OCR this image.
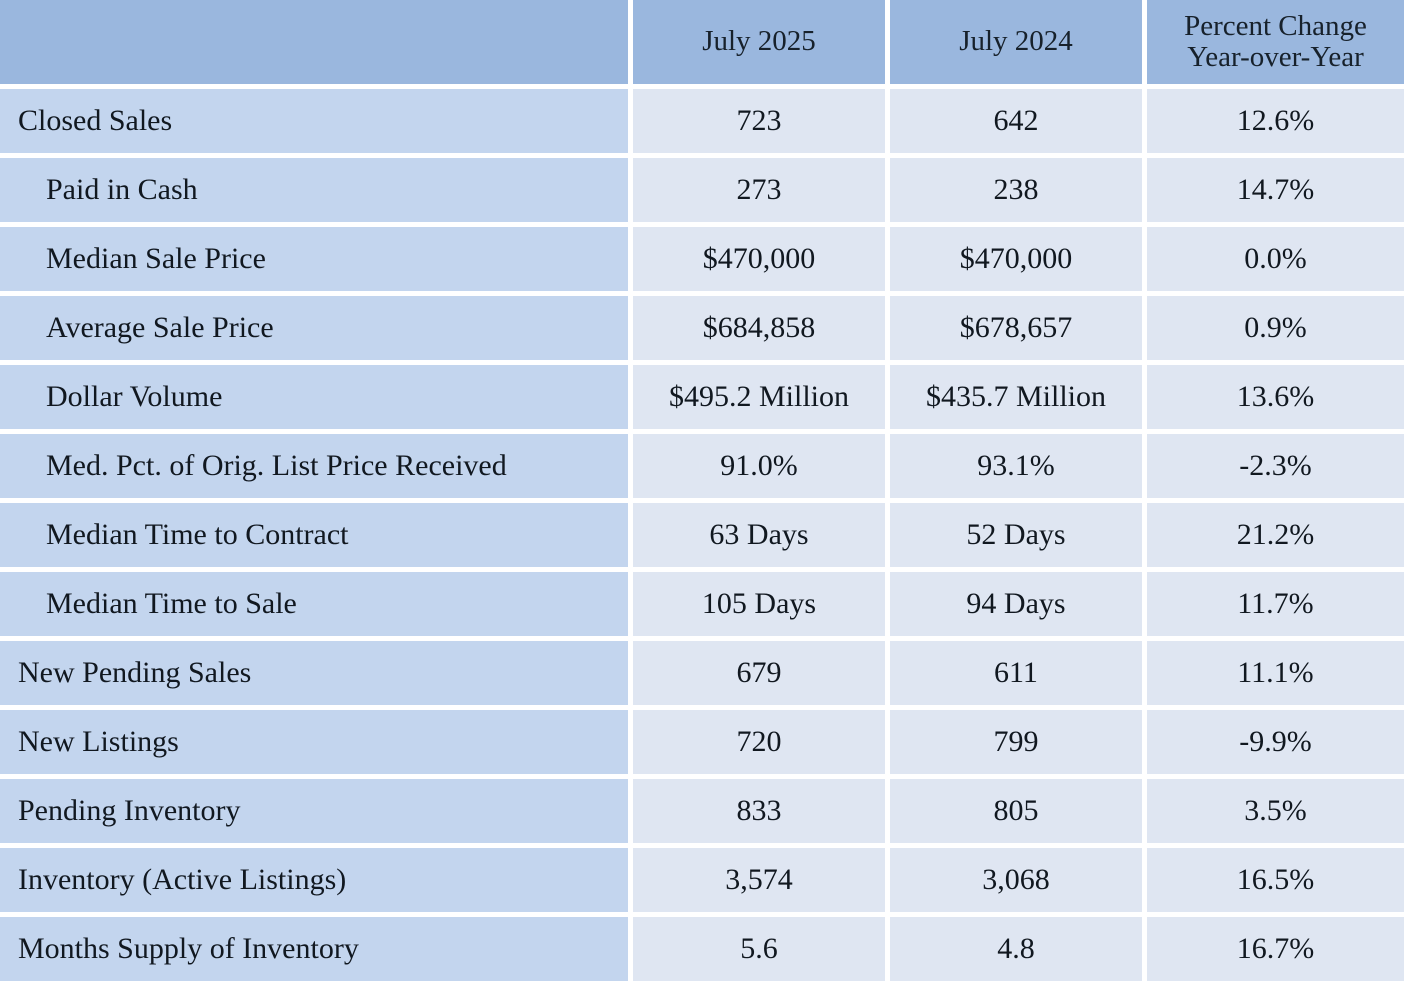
	July 2025	July 2024	Percent Change
Year-over-Year
Closed Sales	723	642	12.6%
Paid in Cash	273	238	14.7%
Median Sale Price	$470,000	$470,000	0.0%
Average Sale Price	$684,858	$678,657	0.9%
Dollar Volume	$495.2 Million	$435.7 Million	13.6%
Med. Pct. of Orig. List Price Received	91.0%	93.1%	-2.3%
Median Time to Contract	63 Days	52 Days	21.2%
Median Time to Sale	105 Days	94 Days	11.7%
New Pending Sales	679	611	11.1%
New Listings	720	799	-9.9%
Pending Inventory	833	805	3.5%
Inventory (Active Listings)	3,574	3,068	16.5%
Months Supply of Inventory	5.6	4.8	16.7%
